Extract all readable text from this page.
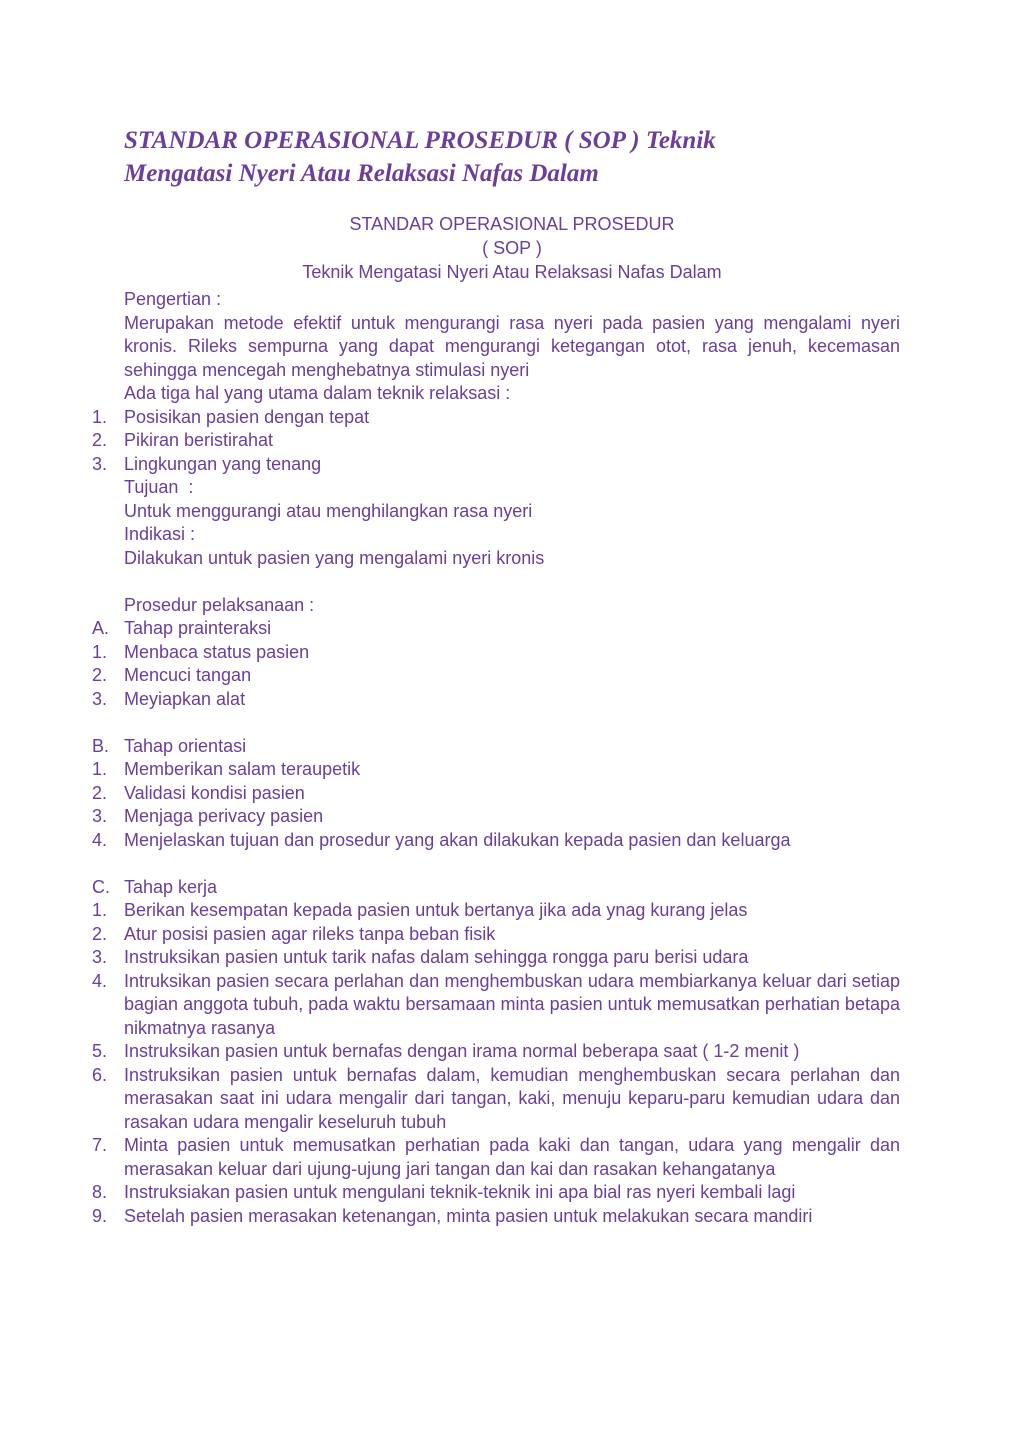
STANDAR OPERASIONAL PROSEDUR ( SOP ) Teknik
Mengatasi Nyeri Atau Relaksasi Nafas Dalam

STANDAR OPERASIONAL PROSEDUR

( SOP )

Teknik Mengatasi Nyeri Atau Relaksasi Nafas Dalam

Pengertian :
Merupakan metode efektif untuk mengurangi rasa nyeri pada pasien yang mengalami nyeri kronis. Rileks sempurna yang dapat mengurangi ketegangan otot, rasa jenuh, kecemasan sehingga mencegah menghebatnya stimulasi nyeri
Ada tiga hal yang utama dalam teknik relaksasi :
1. Posisikan pasien dengan tepat
2. Pikiran beristirahat
3. Lingkungan yang tenang
Tujuan  :
Untuk menggurangi atau menghilangkan rasa nyeri
Indikasi :
Dilakukan untuk pasien yang mengalami nyeri kronis
Prosedur pelaksanaan :
A. Tahap prainteraksi
1. Menbaca status pasien
2. Mencuci tangan
3. Meyiapkan alat
B. Tahap orientasi
1. Memberikan salam teraupetik
2. Validasi kondisi pasien
3. Menjaga perivacy pasien
4. Menjelaskan tujuan dan prosedur yang akan dilakukan kepada pasien dan keluarga
C. Tahap kerja
1. Berikan kesempatan kepada pasien untuk bertanya jika ada ynag kurang jelas
2. Atur posisi pasien agar rileks tanpa beban fisik
3. Instruksikan pasien untuk tarik nafas dalam sehingga rongga paru berisi udara
4. Intruksikan pasien secara perlahan dan menghembuskan udara membiarkanya keluar dari setiap bagian anggota tubuh, pada waktu bersamaan minta pasien untuk memusatkan perhatian betapa nikmatnya rasanya
5. Instruksikan pasien untuk bernafas dengan irama normal beberapa saat ( 1-2 menit )
6. Instruksikan pasien untuk bernafas dalam, kemudian menghembuskan secara perlahan dan merasakan saat ini udara mengalir dari tangan, kaki, menuju keparu-paru kemudian udara dan rasakan udara mengalir keseluruh tubuh
7. Minta pasien untuk memusatkan perhatian pada kaki dan tangan, udara yang mengalir dan merasakan keluar dari ujung-ujung jari tangan dan kai dan rasakan kehangatanya
8. Instruksiakan pasien untuk mengulani teknik-teknik ini apa bial ras nyeri kembali lagi
9. Setelah pasien merasakan ketenangan, minta pasien untuk melakukan secara mandiri
